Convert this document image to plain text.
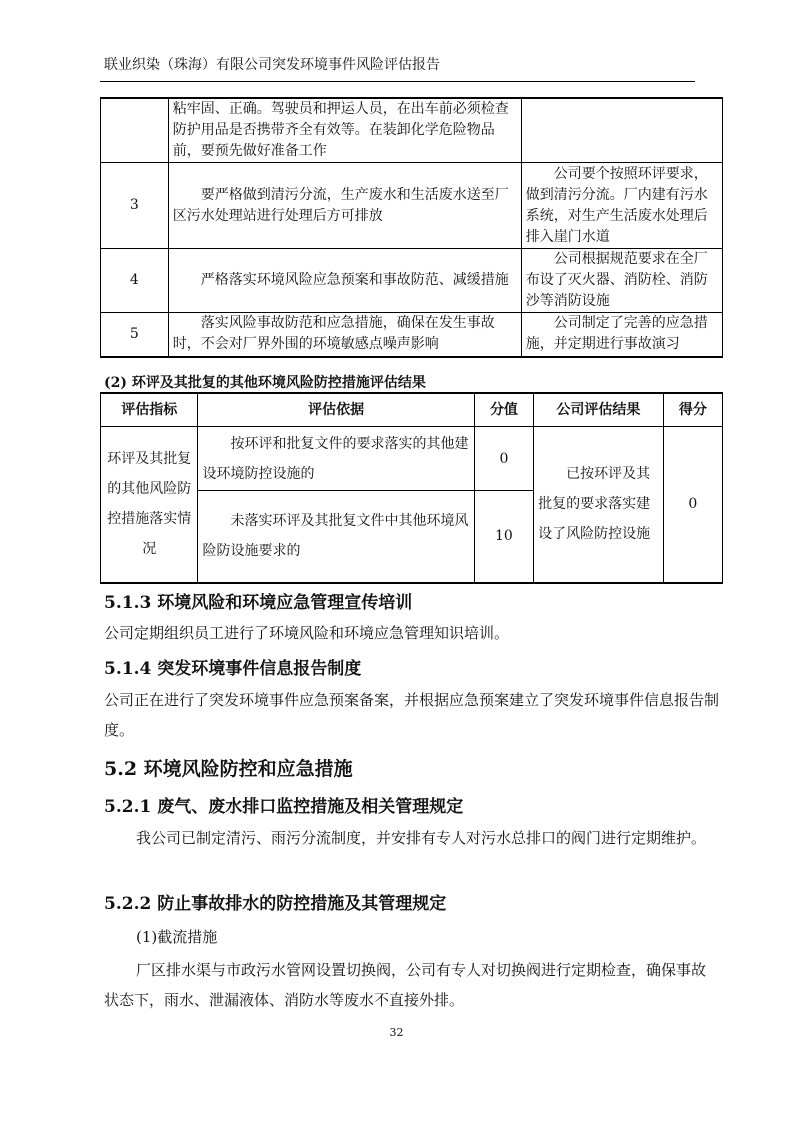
联业织染（珠海）有限公司突发环境事件风险评估报告
	粘牢固、正确。驾驶员和押运人员，在出车前必须检查防护用品是否携带齐全有效等。在装卸化学危险物品前，要预先做好准备工作	
3	要严格做到清污分流，生产废水和生活废水送至厂区污水处理站进行处理后方可排放	公司要个按照环评要求，做到清污分流。厂内建有污水系统，对生产生活废水处理后排入崖门水道
4	严格落实环境风险应急预案和事故防范、减缓措施	公司根据规范要求在全厂布设了灭火器、消防栓、消防沙等消防设施
5	落实风险事故防范和应急措施，确保在发生事故时，不会对厂界外围的环境敏感点噪声影响	公司制定了完善的应急措施，并定期进行事故演习
(2) 环评及其批复的其他环境风险防控措施评估结果
评估指标	评估依据	分值	公司评估结果	得分
环评及其批复的其他风险防控措施落实情况	按环评和批复文件的要求落实的其他建设环境防控设施的	0	已按环评及其批复的要求落实建设了风险防控设施	0
	未落实环评及其批复文件中其他环境风险防设施要求的	10		
5.1.3 环境风险和环境应急管理宣传培训
公司定期组织员工进行了环境风险和环境应急管理知识培训。
5.1.4 突发环境事件信息报告制度
公司正在进行了突发环境事件应急预案备案，并根据应急预案建立了突发环境事件信息报告制度。
5.2 环境风险防控和应急措施
5.2.1 废气、废水排口监控措施及相关管理规定
我公司已制定清污、雨污分流制度，并安排有专人对污水总排口的阀门进行定期维护。
5.2.2 防止事故排水的防控措施及其管理规定
(1)截流措施
厂区排水渠与市政污水管网设置切换阀，公司有专人对切换阀进行定期检查，确保事故状态下，雨水、泄漏液体、消防水等废水不直接外排。
32
